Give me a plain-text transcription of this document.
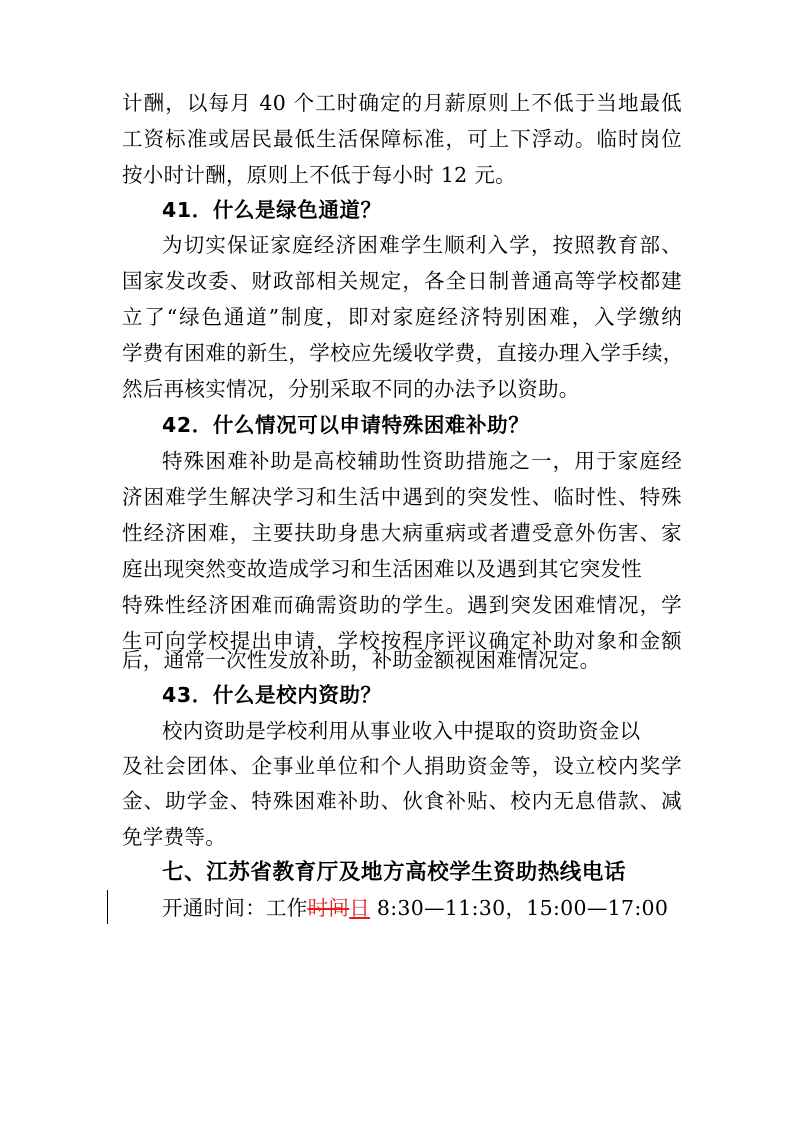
计酬，以每月 40 个工时确定的月薪原则上不低于当地最低
工资标准或居民最低生活保障标准，可上下浮动。临时岗位
按小时计酬，原则上不低于每小时 12 元。
41．什么是绿色通道？
为切实保证家庭经济困难学生顺利入学，按照教育部、
国家发改委、财政部相关规定，各全日制普通高等学校都建
立了“绿色通道”制度，即对家庭经济特别困难，入学缴纳
学费有困难的新生，学校应先缓收学费，直接办理入学手续，
然后再核实情况，分别采取不同的办法予以资助。
42．什么情况可以申请特殊困难补助？
特殊困难补助是高校辅助性资助措施之一，用于家庭经
济困难学生解决学习和生活中遇到的突发性、临时性、特殊
性经济困难，主要扶助身患大病重病或者遭受意外伤害、家
庭出现突然变故造成学习和生活困难以及遇到其它突发性
特殊性经济困难而确需资助的学生。遇到突发困难情况，学
生可向学校提出申请，学校按程序评议确定补助对象和金额
后，通常一次性发放补助，补助金额视困难情况定。
43．什么是校内资助？
校内资助是学校利用从事业收入中提取的资助资金以
及社会团体、企事业单位和个人捐助资金等，设立校内奖学
金、助学金、特殊困难补助、伙食补贴、校内无息借款、减
免学费等。
七、江苏省教育厅及地方高校学生资助热线电话
开通时间：工作时间日 8:30—11:30，15:00—17:00
